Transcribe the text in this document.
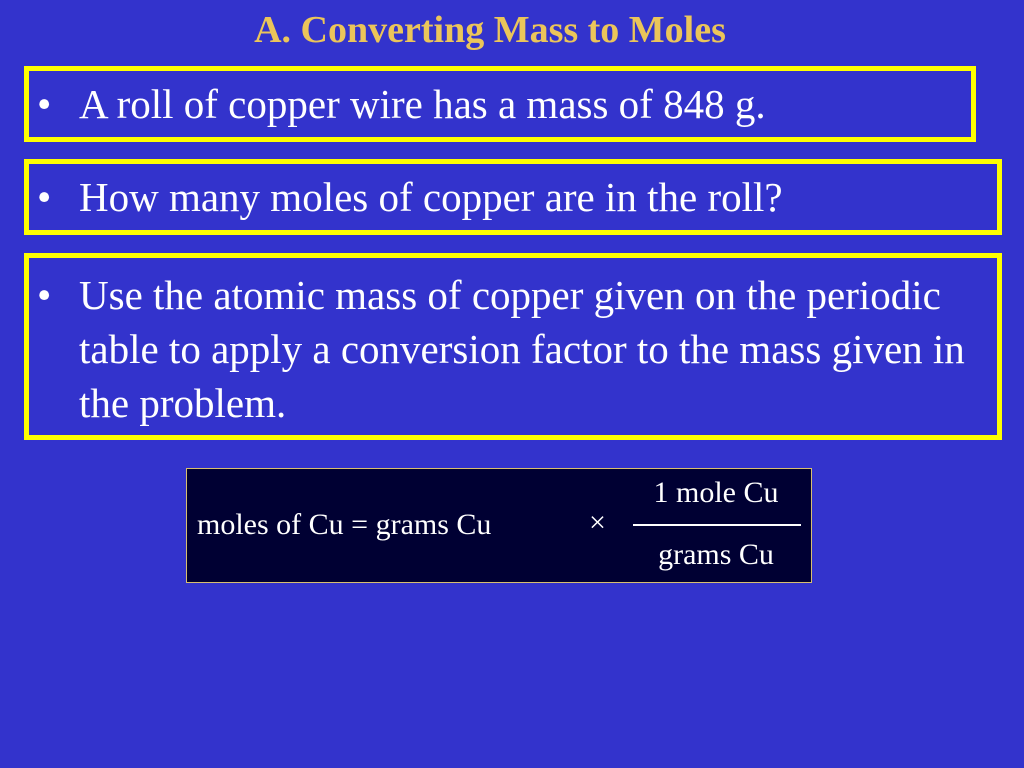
A. Converting Mass to Moles
• A roll of copper wire has a mass of 848 g.
• How many moles of copper are in the roll?
• Use the atomic mass of copper given on the periodic table to apply a conversion factor to the mass given in the problem.
moles of Cu = grams Cu	×
1 mole Cu
grams Cu
